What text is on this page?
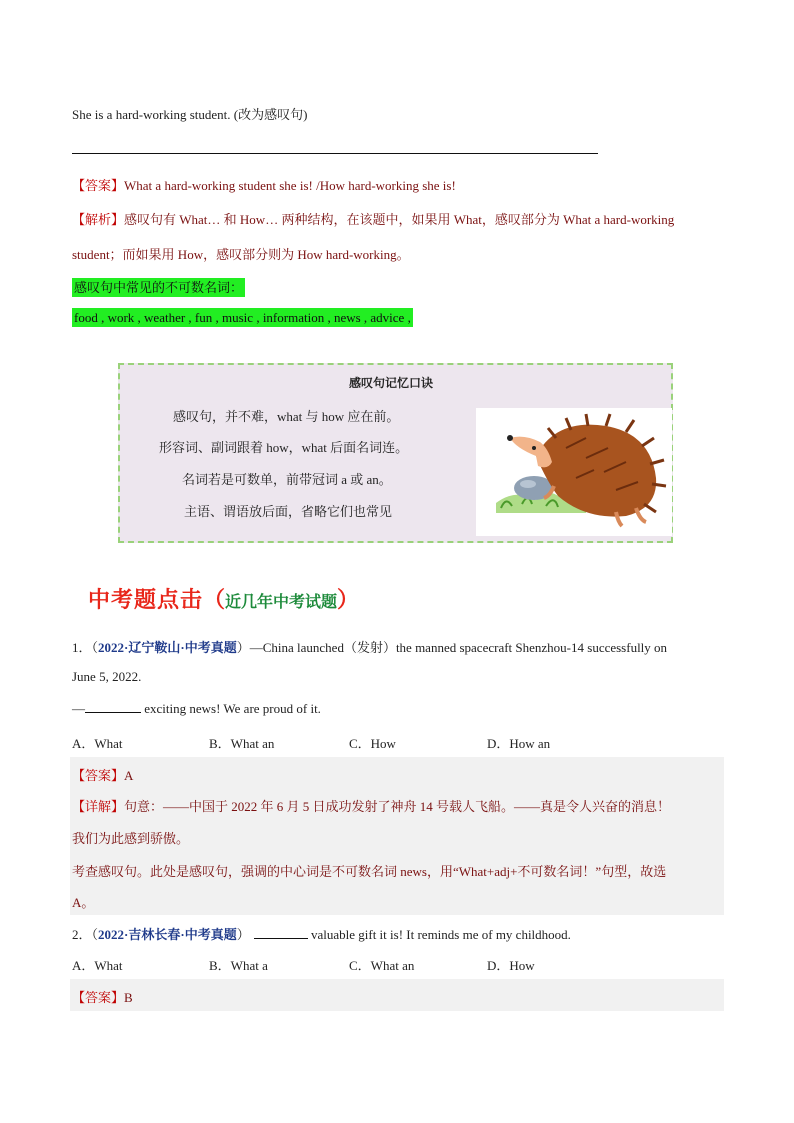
She is a hard-working student. (改为感叹句)
【答案】What a hard-working student she is! /How hard-working she is!
【解析】感叹句有 What… 和 How… 两种结构，在该题中，如果用 What，感叹部分为 What a hard-working
student；而如果用 How，感叹部分则为 How hard-working。
感叹句中常见的不可数名词：
food , work , weather , fun , music , information , news , advice ,
感叹句记忆口诀
感叹句，并不难，what 与 how 应在前。
形容词、副词跟着 how，what 后面名词连。
名词若是可数单，前带冠词 a 或 an。
主语、谓语放后面，省略它们也常见
中考题点击（近几年中考试题）
1．（2022·辽宁鞍山·中考真题）—China launched（发射）the manned spacecraft Shenzhou-14 successfully on
June 5, 2022.
—	exciting news! We are proud of it.
A．What	B．What an	C．How	D．How an
【答案】A
【详解】句意：——中国于 2022 年 6 月 5 日成功发射了神舟 14 号载人飞船。——真是令人兴奋的消息！
我们为此感到骄傲。
考查感叹句。此处是感叹句，强调的中心词是不可数名词 news，用“What+adj+不可数名词！”句型，故选
A。
2．（2022·吉林长春·中考真题）	valuable gift it is! It reminds me of my childhood.
A．What	B．What a	C．What an	D．How
【答案】B
